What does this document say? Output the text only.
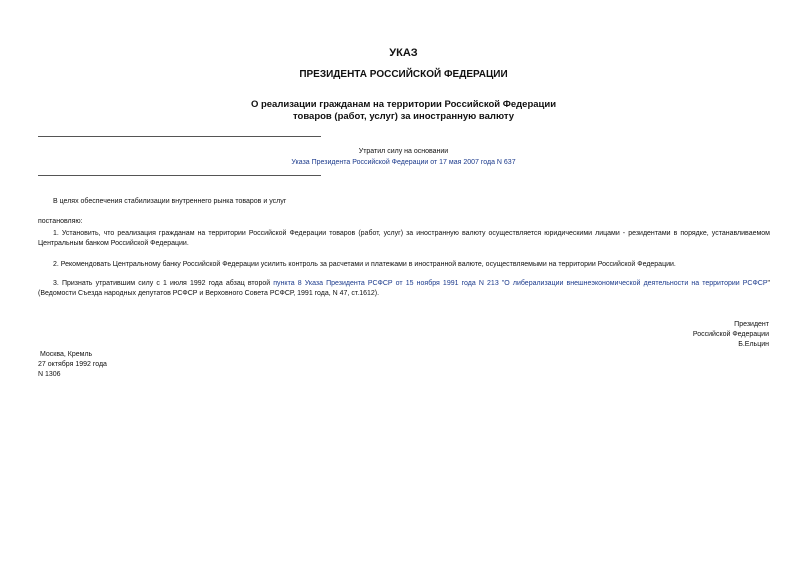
УКАЗ
ПРЕЗИДЕНТА РОССИЙСКОЙ ФЕДЕРАЦИИ
О реализации гражданам на территории Российской Федерации
товаров (работ, услуг) за иностранную валюту
Утратил силу на основании
Указа Президента Российской Федерации от 17 мая 2007 года N 637
В целях обеспечения стабилизации внутреннего рынка товаров и услуг
постановляю:
1. Установить, что реализация гражданам на территории Российской Федерации товаров (работ, услуг) за иностранную валюту осуществляется юридическими лицами - резидентами в порядке, устанавливаемом Центральным банком Российской Федерации.
2. Рекомендовать Центральному банку Российской Федерации усилить контроль за расчетами и платежами в иностранной валюте, осуществляемыми на территории Российской Федерации.
3. Признать утратившим силу с 1 июля 1992 года абзац второй пункта 8 Указа Президента РСФСР от 15 ноября 1991 года N 213 "О либерализации внешнеэкономической деятельности на территории РСФСР" (Ведомости Съезда народных депутатов РСФСР и Верховного Совета РСФСР, 1991 года, N 47, ст.1612).
Президент
Российской Федерации
Б.Ельцин
Москва, Кремль
27 октября 1992 года
N 1306
